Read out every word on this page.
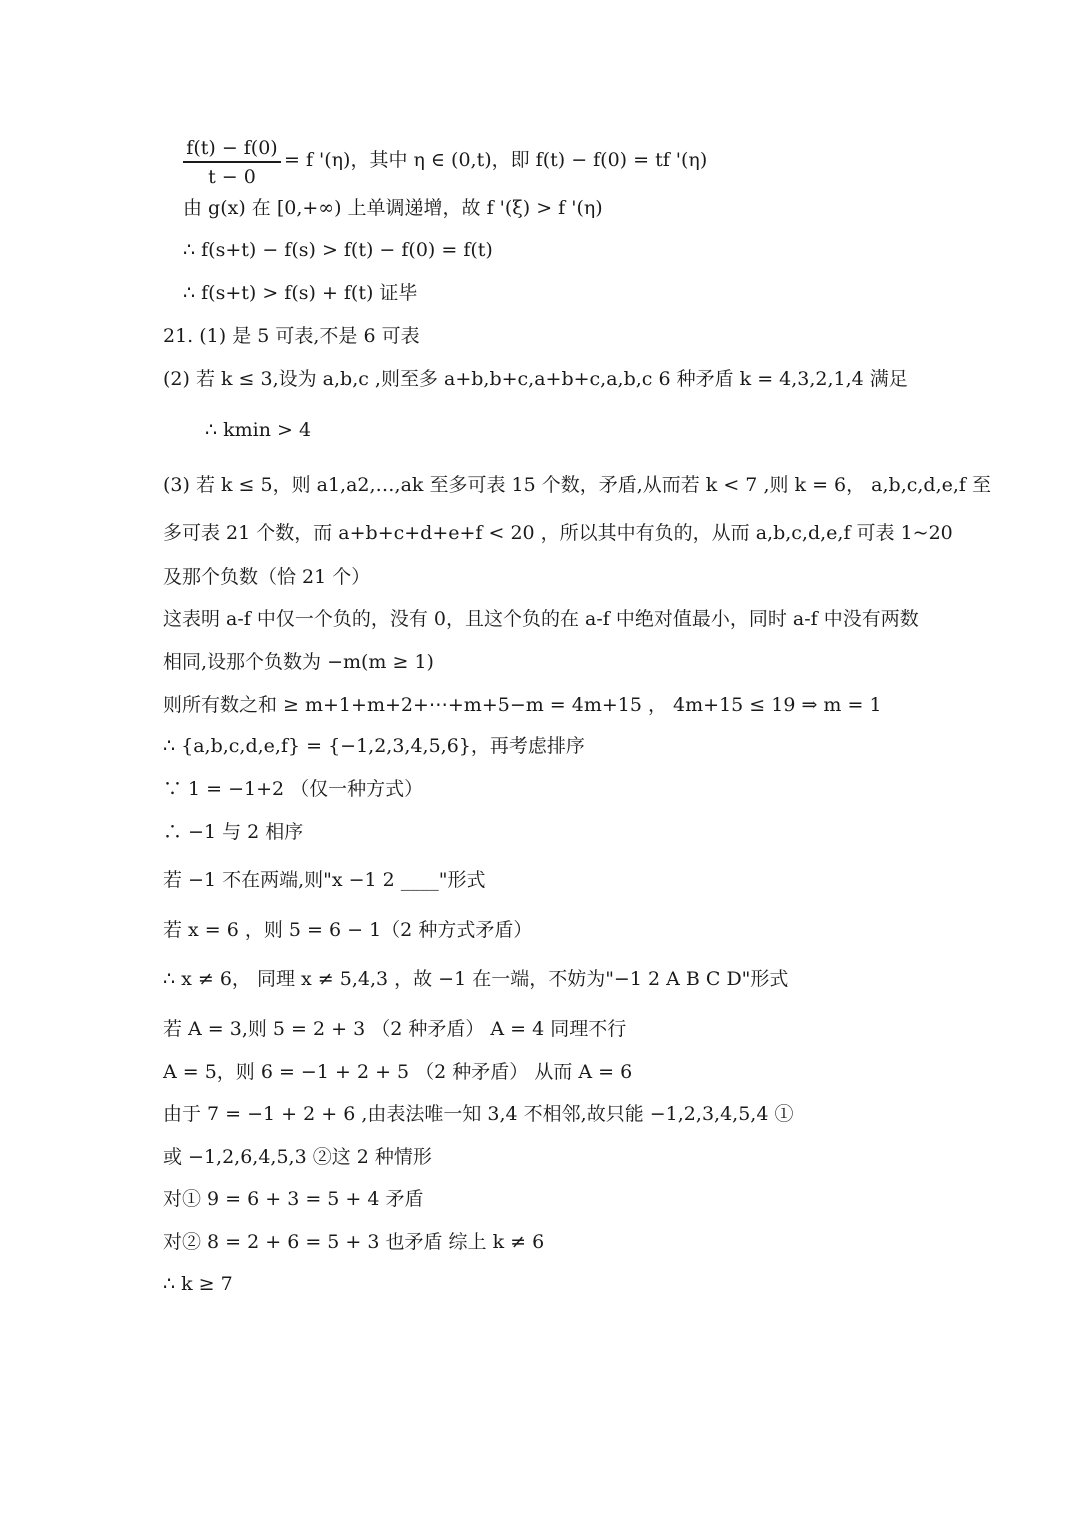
f(t) − f(0)
t − 0
= f '(η)，其中 η ∈ (0,t)，即 f(t) − f(0) = tf '(η)
由 g(x) 在 [0,+∞) 上单调递增，故 f '(ξ) > f '(η)
∴ f(s+t) − f(s) > f(t) − f(0) = f(t)
∴ f(s+t) > f(s) + f(t) 证毕
21. (1) 是 5 可表,不是 6 可表
(2) 若 k ≤ 3,设为 a,b,c ,则至多 a+b,b+c,a+b+c,a,b,c 6 种矛盾 k = 4,3,2,1,4 满足
∴ kmin > 4
(3) 若 k ≤ 5，则 a1,a2,…,ak 至多可表 15 个数，矛盾,从而若 k < 7 ,则 k = 6， a,b,c,d,e,f 至
多可表 21 个数，而 a+b+c+d+e+f < 20 ，所以其中有负的，从而 a,b,c,d,e,f 可表 1~20
及那个负数（恰 21 个）
这表明 a-f 中仅一个负的，没有 0，且这个负的在 a-f 中绝对值最小，同时 a-f 中没有两数
相同,设那个负数为 −m(m ≥ 1)
则所有数之和 ≥ m+1+m+2+⋯+m+5−m = 4m+15 ， 4m+15 ≤ 19 ⇒ m = 1
∴ {a,b,c,d,e,f} = {−1,2,3,4,5,6}，再考虑排序
∵ 1 = −1+2 （仅一种方式）
∴ −1 与 2 相序
若 −1 不在两端,则"x −1 2 ____"形式
若 x = 6 ，则 5 = 6 − 1（2 种方式矛盾）
∴ x ≠ 6， 同理 x ≠ 5,4,3 ，故 −1 在一端，不妨为"−1 2 A B C D"形式
若 A = 3,则 5 = 2 + 3 （2 种矛盾） A = 4 同理不行
A = 5，则 6 = −1 + 2 + 5 （2 种矛盾） 从而 A = 6
由于 7 = −1 + 2 + 6 ,由表法唯一知 3,4 不相邻,故只能 −1,2,3,4,5,4 ①
或 −1,2,6,4,5,3 ②这 2 种情形
对① 9 = 6 + 3 = 5 + 4 矛盾
对② 8 = 2 + 6 = 5 + 3 也矛盾 综上 k ≠ 6
∴ k ≥ 7
